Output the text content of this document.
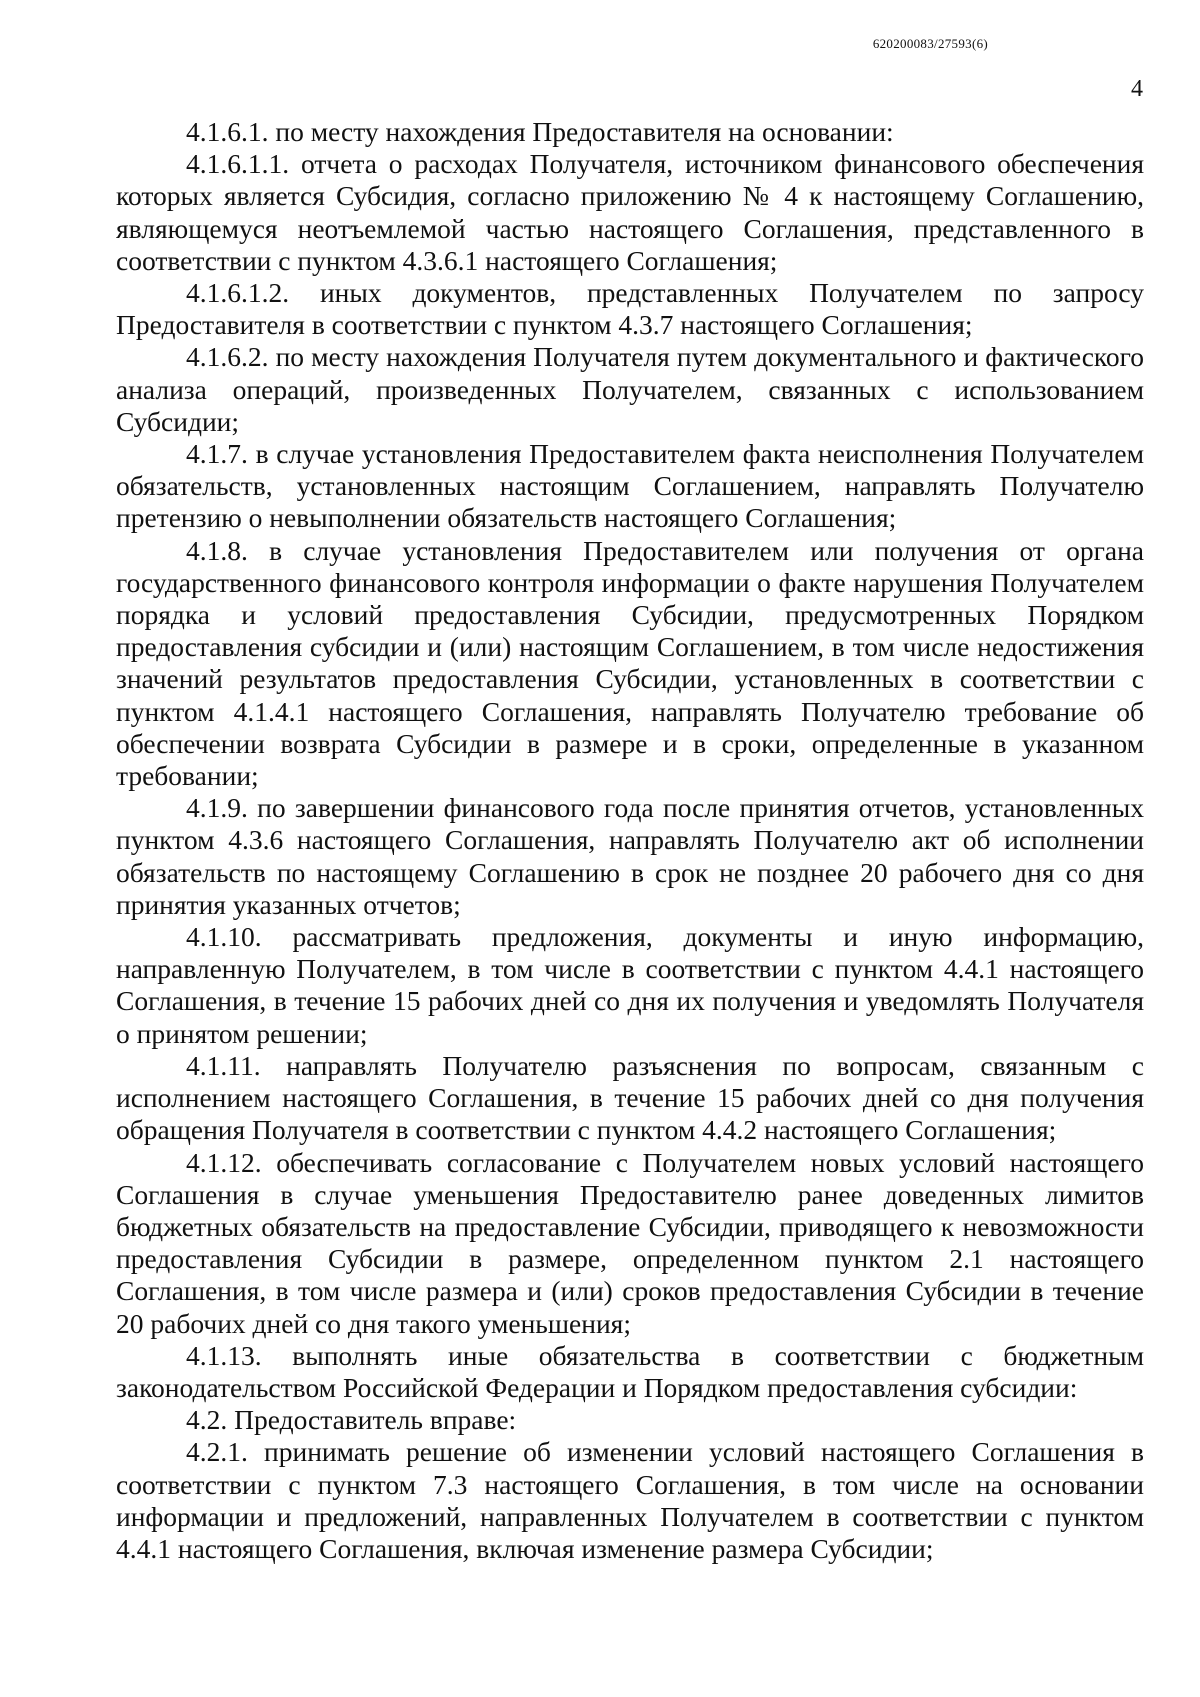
620200083/27593(6)
4

4.1.6.1. по месту нахождения Предоставителя на основании:

4.1.6.1.1. отчета о расходах Получателя, источником финансового обеспечения которых является Субсидия, согласно приложению № 4 к настоящему Соглашению, являющемуся неотъемлемой частью настоящего Соглашения, представленного в соответствии с пунктом 4.3.6.1 настоящего Соглашения;

4.1.6.1.2. иных документов, представленных Получателем по запросу Предоставителя в соответствии с пунктом 4.3.7 настоящего Соглашения;

4.1.6.2. по месту нахождения Получателя путем документального и фактического анализа операций, произведенных Получателем, связанных с использованием Субсидии;

4.1.7. в случае установления Предоставителем факта неисполнения Получателем обязательств, установленных настоящим Соглашением, направлять Получателю претензию о невыполнении обязательств настоящего Соглашения;

4.1.8. в случае установления Предоставителем или получения от органа государственного финансового контроля информации о факте нарушения Получателем порядка и условий предоставления Субсидии, предусмотренных Порядком предоставления субсидии и (или) настоящим Соглашением, в том числе недостижения значений результатов предоставления Субсидии, установленных в соответствии с пунктом 4.1.4.1 настоящего Соглашения, направлять Получателю требование об обеспечении возврата Субсидии в размере и в сроки, определенные в указанном требовании;

4.1.9. по завершении финансового года после принятия отчетов, установленных пунктом 4.3.6 настоящего Соглашения, направлять Получателю акт об исполнении обязательств по настоящему Соглашению в срок не позднее 20 рабочего дня со дня принятия указанных отчетов;

4.1.10. рассматривать предложения, документы и иную информацию, направленную Получателем, в том числе в соответствии с пунктом 4.4.1 настоящего Соглашения, в течение 15 рабочих дней со дня их получения и уведомлять Получателя о принятом решении;

4.1.11. направлять Получателю разъяснения по вопросам, связанным с исполнением настоящего Соглашения, в течение 15 рабочих дней со дня получения обращения Получателя в соответствии с пунктом 4.4.2 настоящего Соглашения;

4.1.12. обеспечивать согласование с Получателем новых условий настоящего Соглашения в случае уменьшения Предоставителю ранее доведенных лимитов бюджетных обязательств на предоставление Субсидии, приводящего к невозможности предоставления Субсидии в размере, определенном пунктом 2.1 настоящего Соглашения, в том числе размера и (или) сроков предоставления Субсидии в течение 20 рабочих дней со дня такого уменьшения;

4.1.13. выполнять иные обязательства в соответствии с бюджетным законодательством Российской Федерации и Порядком предоставления субсидии:

4.2. Предоставитель вправе:

4.2.1. принимать решение об изменении условий настоящего Соглашения в соответствии с пунктом 7.3 настоящего Соглашения, в том числе на основании информации и предложений, направленных Получателем в соответствии с пунктом 4.4.1 настоящего Соглашения, включая изменение размера Субсидии;
